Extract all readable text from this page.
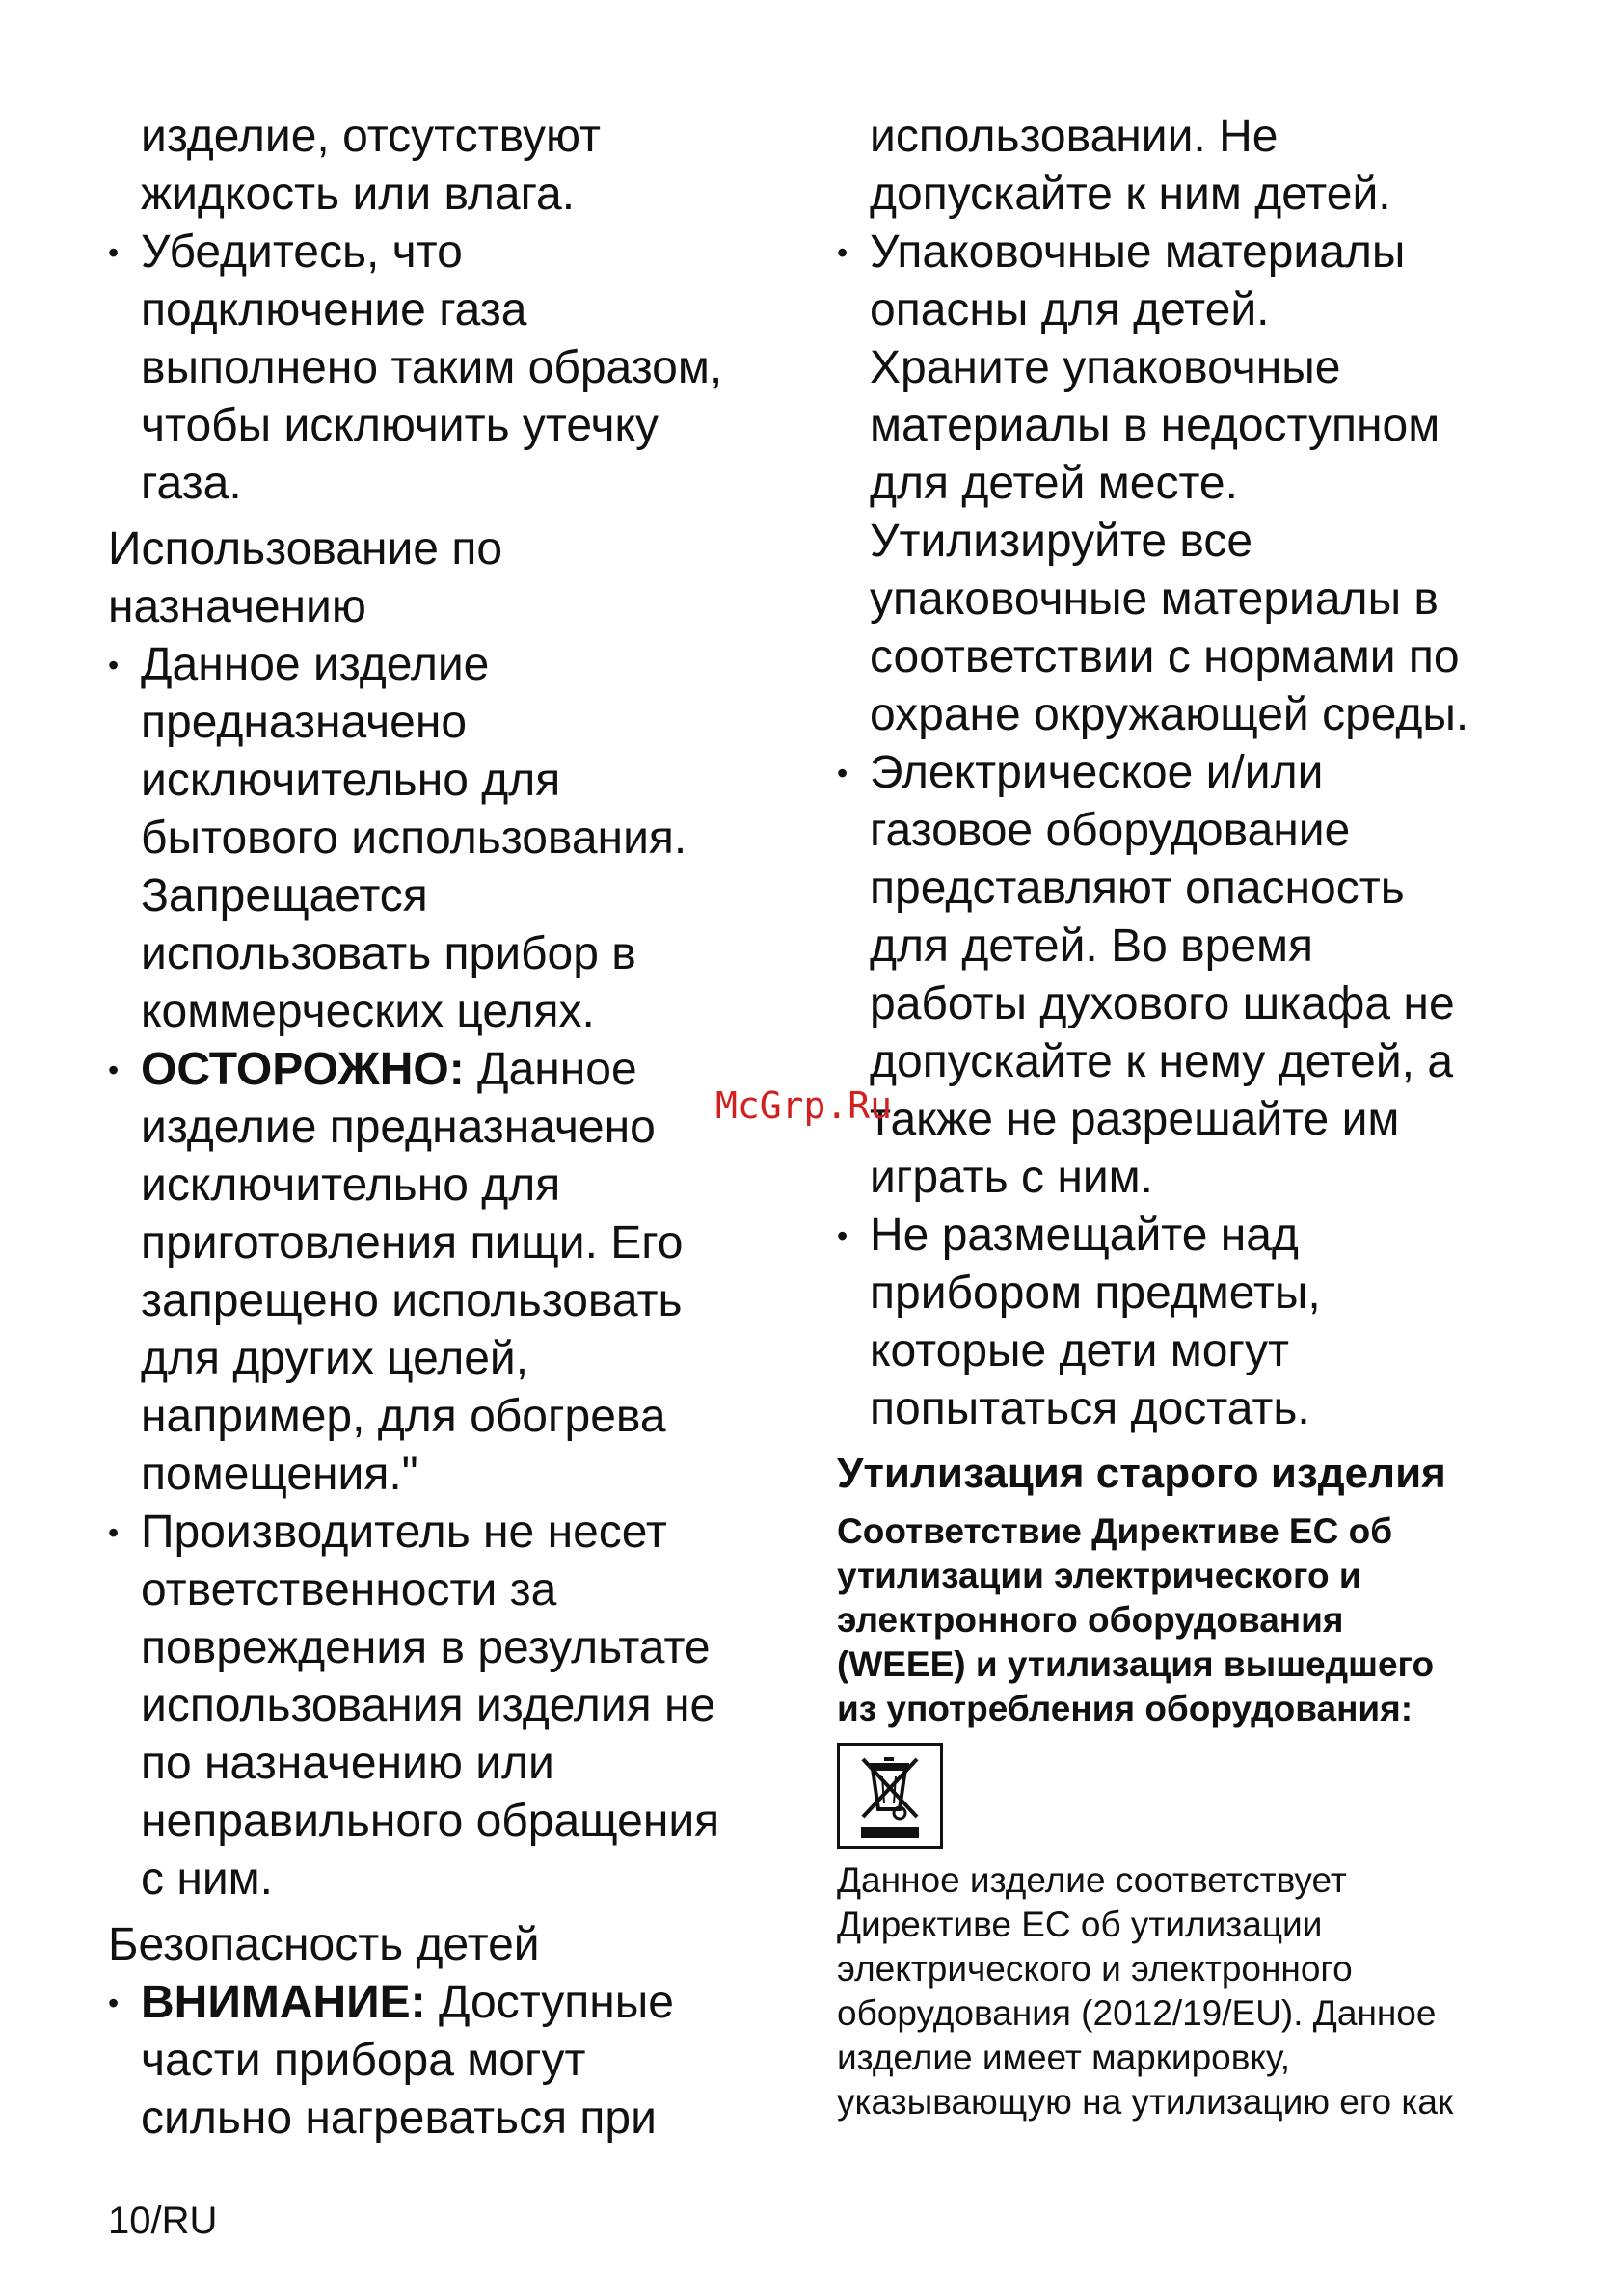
изделие, отсутствуют
жидкость или влага.
• Убедитесь, что
подключение газа
выполнено таким образом,
чтобы исключить утечку
газа.
Использование по
назначению
• Данное изделие
предназначено
исключительно для
бытового использования.
Запрещается
использовать прибор в
коммерческих целях.
• ОСТОРОЖНО: Данное
изделие предназначено
исключительно для
приготовления пищи. Его
запрещено использовать
для других целей,
например, для обогрева
помещения."
• Производитель не несет
ответственности за
повреждения в результате
использования изделия не
по назначению или
неправильного обращения
с ним.
Безопасность детей
• ВНИМАНИЕ: Доступные
части прибора могут
сильно нагреваться при
использовании. Не
допускайте к ним детей.
• Упаковочные материалы
опасны для детей.
Храните упаковочные
материалы в недоступном
для детей месте.
Утилизируйте все
упаковочные материалы в
соответствии с нормами по
охране окружающей среды.
• Электрическое и/или
газовое оборудование
представляют опасность
для детей. Во время
работы духового шкафа не
допускайте к нему детей, а
также не разрешайте им
играть с ним.
• Не размещайте над
прибором предметы,
которые дети могут
попытаться достать.
Утилизация старого изделия
Соответствие Директиве ЕС об
утилизации электрического и
электронного оборудования
(WEEE) и утилизация вышедшего
из употребления оборудования:
Данное изделие соответствует
Директиве ЕС об утилизации
электрического и электронного
оборудования (2012/19/EU). Данное
изделие имеет маркировку,
указывающую на утилизацию его как
McGrp.Ru
10/RU
